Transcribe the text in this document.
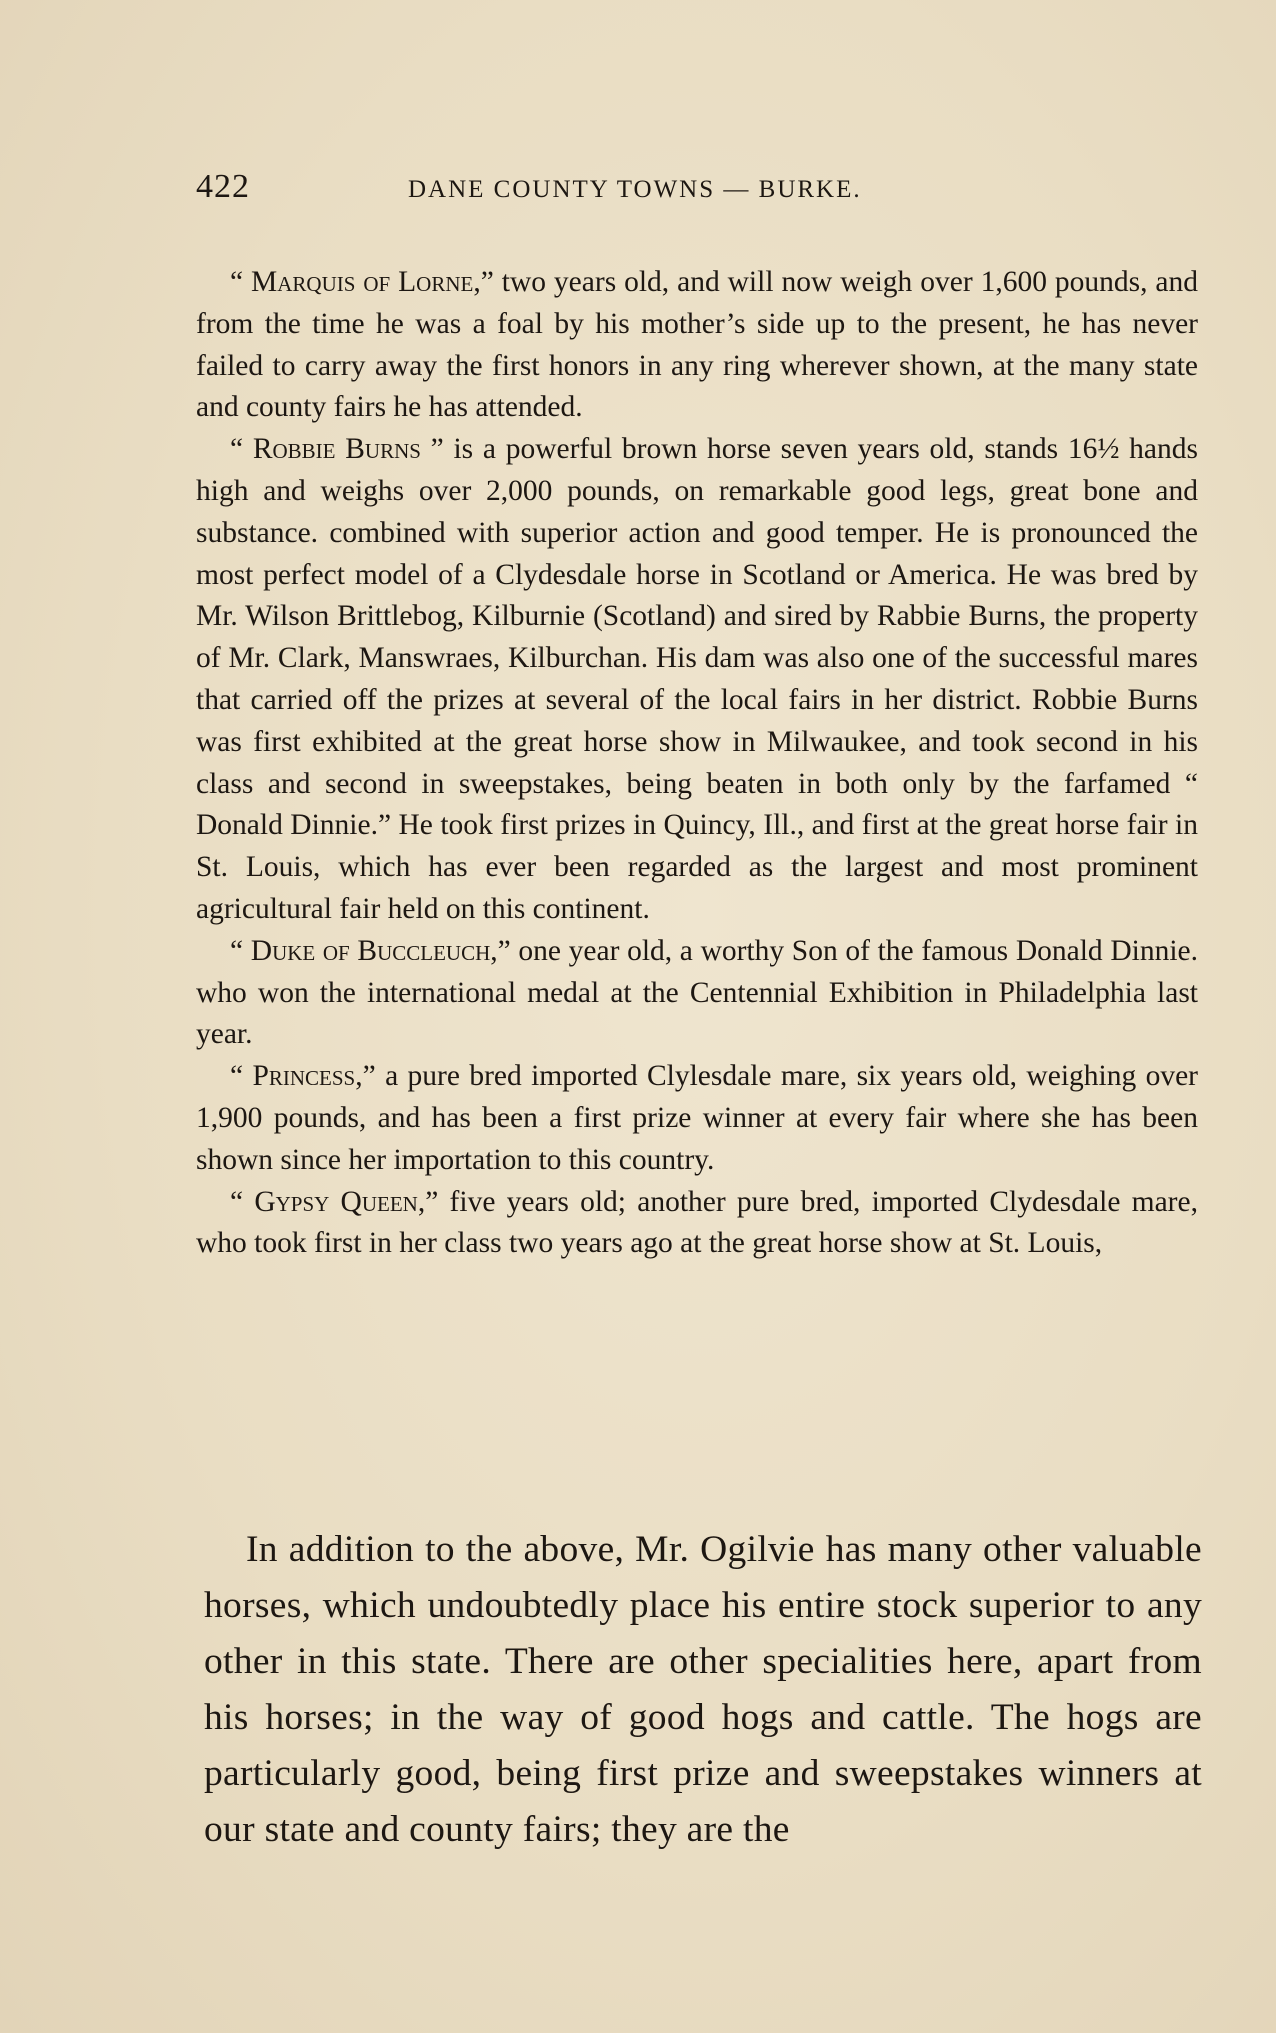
422	DANE COUNTY TOWNS — BURKE.

“ Marquis of Lorne,” two years old, and will now weigh over 1,600 pounds, and from the time he was a foal by his mother’s side up to the present, he has never failed to carry away the first honors in any ring wherever shown, at the many state and county fairs he has attended.

“ Robbie Burns ” is a powerful brown horse seven years old, stands 16½ hands high and weighs over 2,000 pounds, on remarkable good legs, great bone and substance. combined with superior action and good temper. He is pronounced the most perfect model of a Clydesdale horse in Scotland or America. He was bred by Mr. Wilson Brittlebog, Kilburnie (Scotland) and sired by Rabbie Burns, the property of Mr. Clark, Manswraes, Kilburchan. His dam was also one of the successful mares that carried off the prizes at several of the local fairs in her district. Robbie Burns was first exhibited at the great horse show in Milwaukee, and took second in his class and second in sweepstakes, being beaten in both only by the farfamed “ Donald Dinnie.” He took first prizes in Quincy, Ill., and first at the great horse fair in St. Louis, which has ever been regarded as the largest and most prominent agricultural fair held on this continent.

“ Duke of Buccleuch,” one year old, a worthy Son of the famous Donald Dinnie. who won the international medal at the Centennial Exhibition in Philadelphia last year.

“ Princess,” a pure bred imported Clylesdale mare, six years old, weighing over 1,900 pounds, and has been a first prize winner at every fair where she has been shown since her importation to this country.

“ Gypsy Queen,” five years old; another pure bred, imported Clydesdale mare, who took first in her class two years ago at the great horse show at St. Louis,

In addition to the above, Mr. Ogilvie has many other valuable horses, which undoubtedly place his entire stock superior to any other in this state. There are other specialities here, apart from his horses; in the way of good hogs and cattle. The hogs are particularly good, being first prize and sweepstakes winners at our state and county fairs; they are the
